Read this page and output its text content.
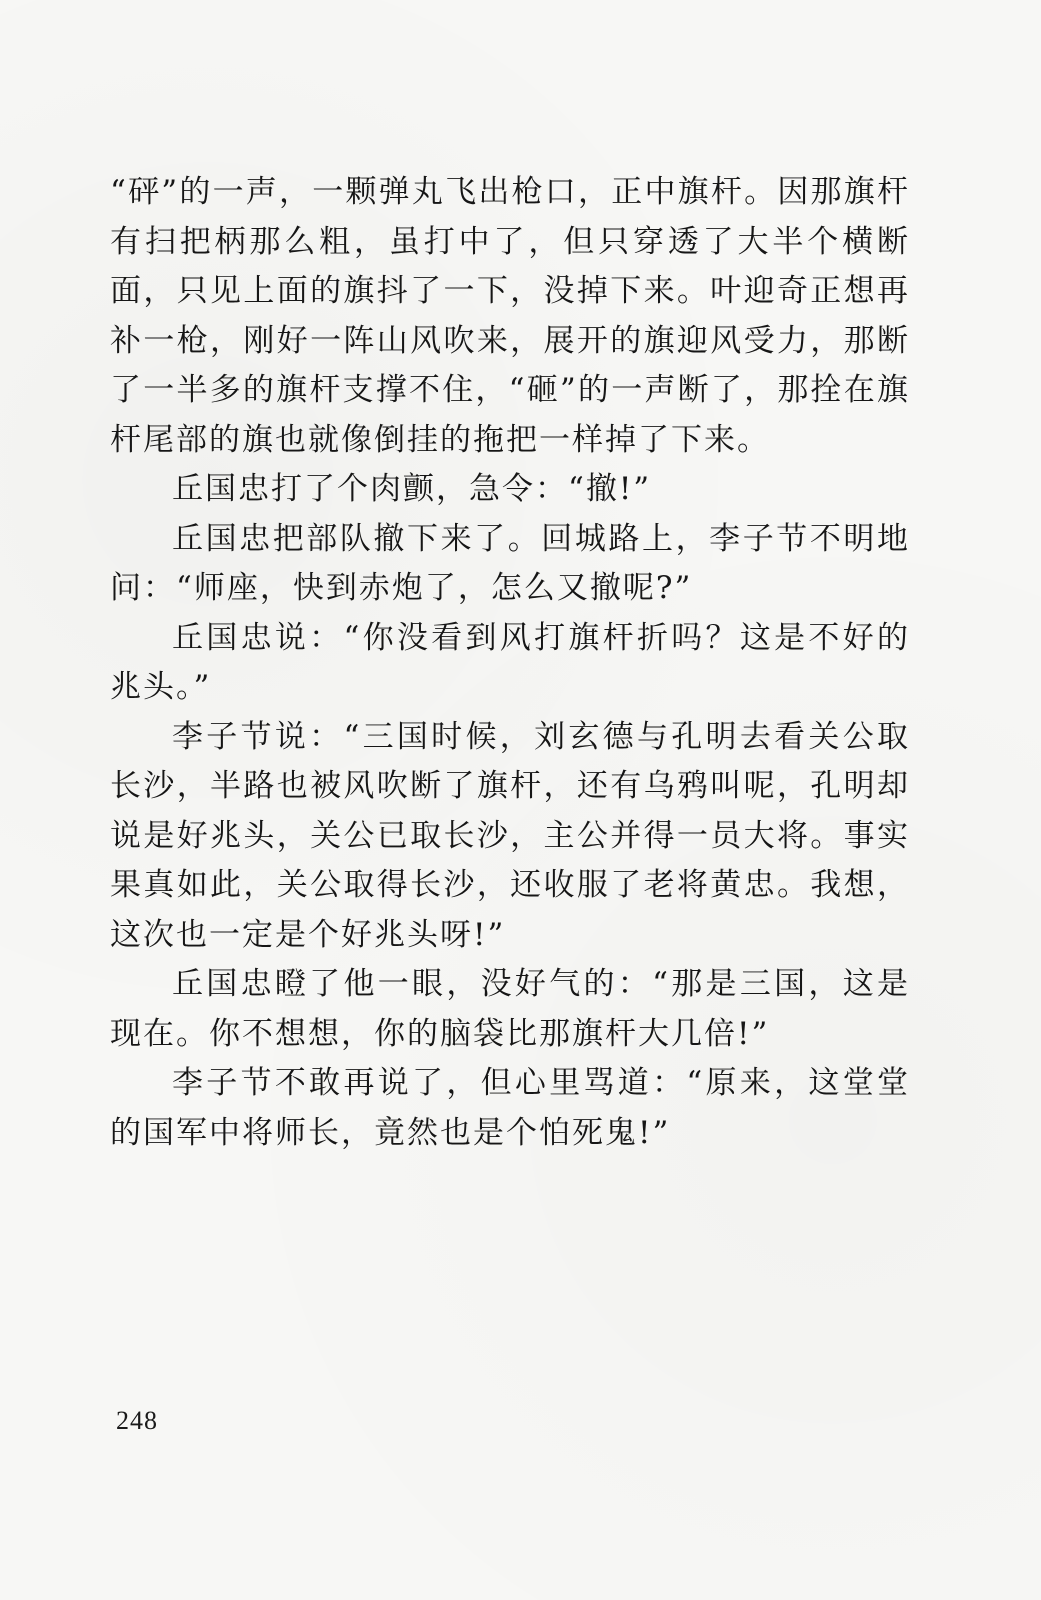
“砰”的一声，一颗弹丸飞出枪口，正中旗杆。因那旗杆有扫把柄那么粗，虽打中了，但只穿透了大半个横断面，只见上面的旗抖了一下，没掉下来。叶迎奇正想再补一枪，刚好一阵山风吹来，展开的旗迎风受力，那断了一半多的旗杆支撑不住，“砸”的一声断了，那拴在旗杆尾部的旗也就像倒挂的拖把一样掉了下来。

丘国忠打了个肉颤，急令：“撤!”

丘国忠把部队撤下来了。回城路上，李子节不明地问：“师座，快到赤炮了，怎么又撤呢?”

丘国忠说：“你没看到风打旗杆折吗？这是不好的兆头。”

李子节说：“三国时候，刘玄德与孔明去看关公取长沙，半路也被风吹断了旗杆，还有乌鸦叫呢，孔明却说是好兆头，关公已取长沙，主公并得一员大将。事实果真如此，关公取得长沙，还收服了老将黄忠。我想，这次也一定是个好兆头呀!”

丘国忠瞪了他一眼，没好气的：“那是三国，这是现在。你不想想，你的脑袋比那旗杆大几倍!”

李子节不敢再说了，但心里骂道：“原来，这堂堂的国军中将师长，竟然也是个怕死鬼!”

248
